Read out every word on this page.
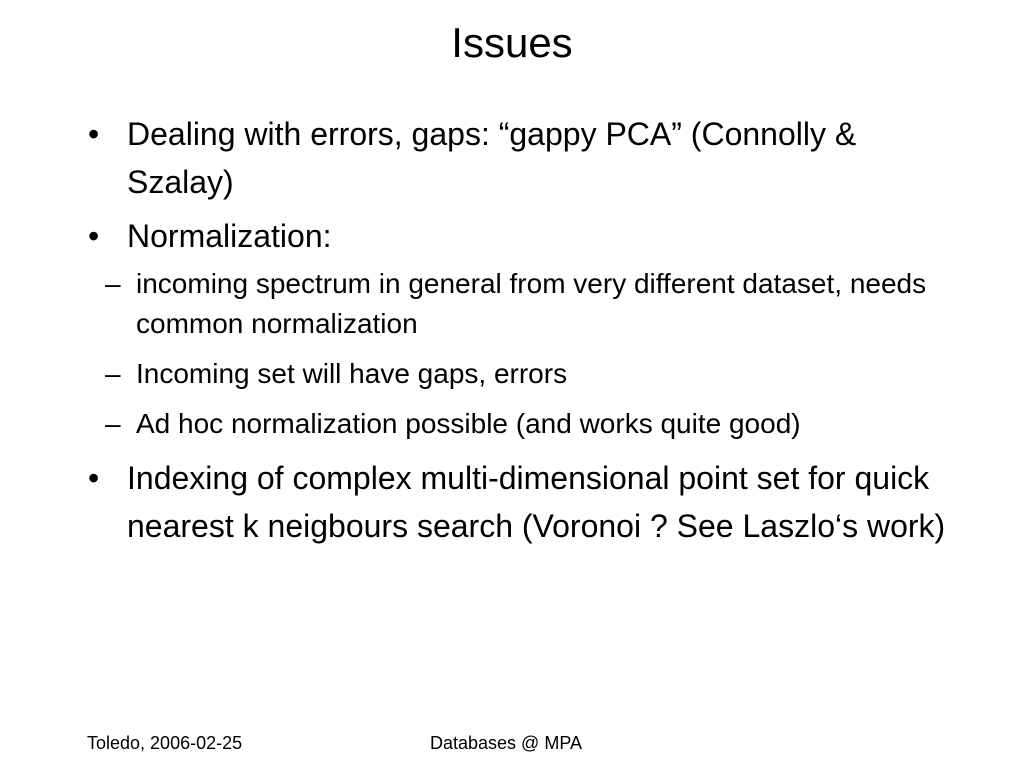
Issues
• Dealing with errors, gaps: “gappy PCA” (Connolly & Szalay)
• Normalization:
– incoming spectrum in general from very different dataset, needs common normalization
– Incoming set will have gaps, errors
– Ad hoc normalization possible (and works quite good)
• Indexing of complex multi-dimensional point set for quick nearest k neigbours search (Voronoi ? See Laszlo‘s work)
Toledo, 2006-02-25	Databases @ MPA
